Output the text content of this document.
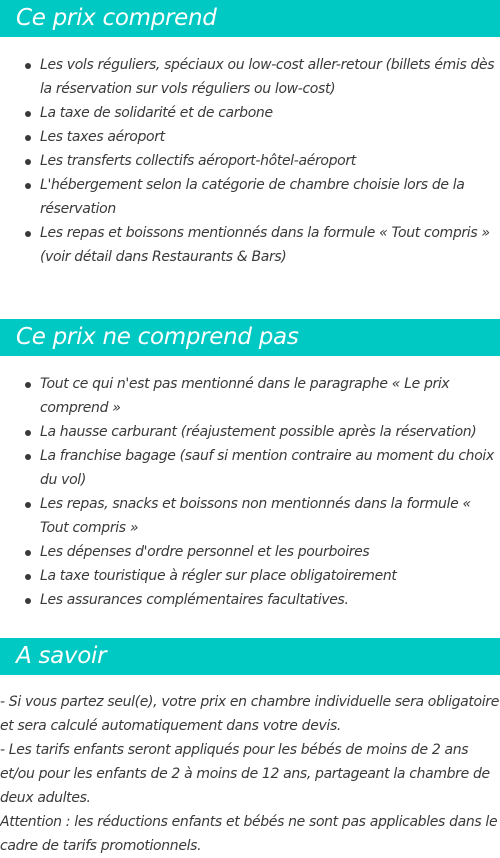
Ce prix comprend
Les vols réguliers, spéciaux ou low-cost aller-retour (billets émis dès la réservation sur vols réguliers ou low-cost)
La taxe de solidarité et de carbone
Les taxes aéroport
Les transferts collectifs aéroport-hôtel-aéroport
L'hébergement selon la catégorie de chambre choisie lors de la réservation
Les repas et boissons mentionnés dans la formule « Tout compris » (voir détail dans Restaurants & Bars)
Ce prix ne comprend pas
Tout ce qui n'est pas mentionné dans le paragraphe « Le prix comprend »
La hausse carburant (réajustement possible après la réservation)
La franchise bagage (sauf si mention contraire au moment du choix du vol)
Les repas, snacks et boissons non mentionnés dans la formule « Tout compris »
Les dépenses d'ordre personnel et les pourboires
La taxe touristique à régler sur place obligatoirement
Les assurances complémentaires facultatives.
A savoir

- Si vous partez seul(e), votre prix en chambre individuelle sera obligatoire et sera calculé automatiquement dans votre devis.

- Les tarifs enfants seront appliqués pour les bébés de moins de 2 ans et/ou pour les enfants de 2 à moins de 12 ans, partageant la chambre de deux adultes.

Attention : les réductions enfants et bébés ne sont pas applicables dans le cadre de tarifs promotionnels.
